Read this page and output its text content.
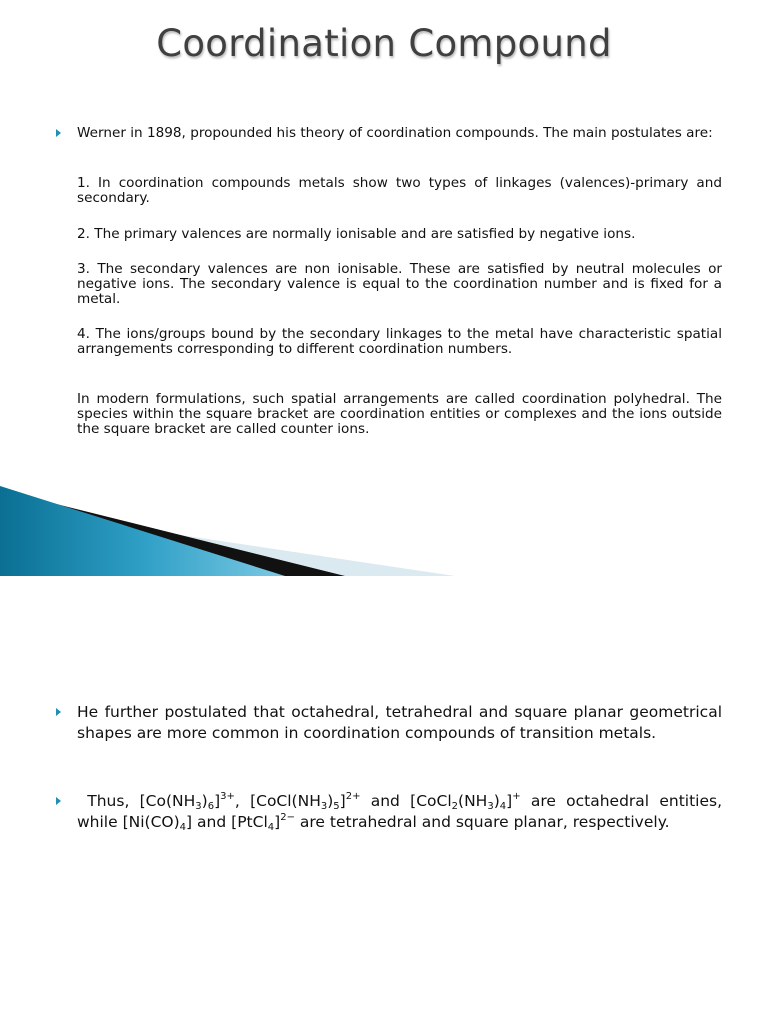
Coordination Compound
Werner in 1898, propounded his theory of coordination compounds. The main postulates are:
1. In coordination compounds metals show two types of linkages (valences)-primary and secondary.
2. The primary valences are normally ionisable and are satisfied by negative ions.
3. The secondary valences are non ionisable. These are satisfied by neutral molecules or negative ions. The secondary valence is equal to the coordination number and is fixed for a metal.
4. The ions/groups bound by the secondary linkages to the metal have characteristic spatial arrangements corresponding to different coordination numbers.
In modern formulations, such spatial arrangements are called coordination polyhedral. The species within the square bracket are coordination entities or complexes and the ions outside the square bracket are called counter ions.
He further postulated that octahedral, tetrahedral and square planar geometrical shapes are more common in coordination compounds of transition metals.
Thus, $[Co(NH_3)_6]^{3+}$, $[CoCl(NH_3)_5]^{2+}$ and $[CoCl_2(NH_3)_4]^+$ are octahedral entities, while $[Ni(CO)_4]$ and [PtCl$_4$]$^{2-}$ are tetrahedral and square planar, respectively.
